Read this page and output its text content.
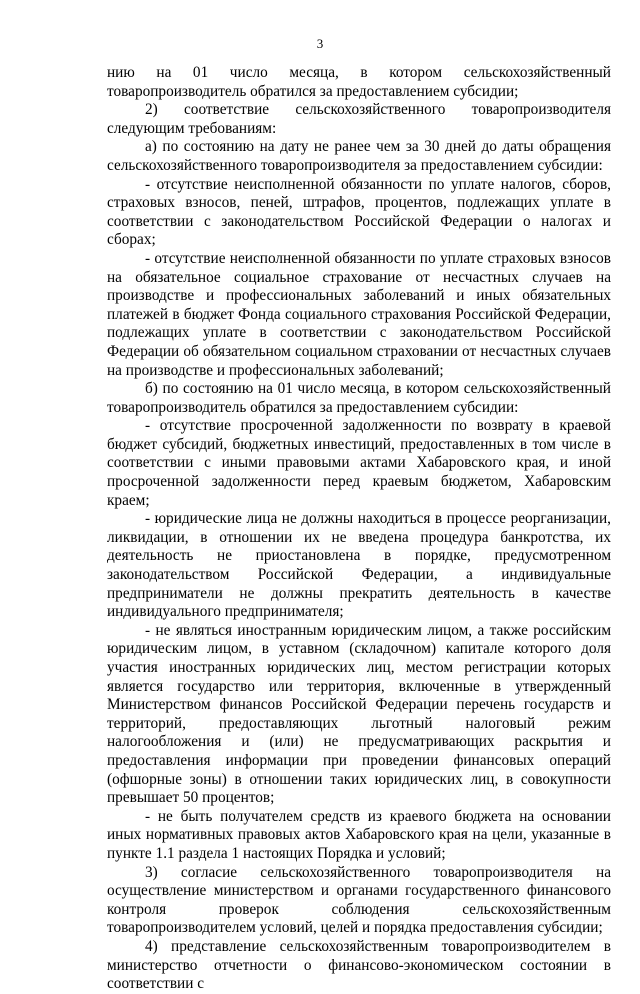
3

нию на 01 число месяца, в котором сельскохозяйственный товаропроизводитель обратился за предоставлением субсидии;

2) соответствие сельскохозяйственного товаропроизводителя следующим требованиям:

а) по состоянию на дату не ранее чем за 30 дней до даты обращения сельскохозяйственного товаропроизводителя за предоставлением субсидии:

- отсутствие неисполненной обязанности по уплате налогов, сборов, страховых взносов, пеней, штрафов, процентов, подлежащих уплате в соответствии с законодательством Российской Федерации о налогах и сборах;

- отсутствие неисполненной обязанности по уплате страховых взносов на обязательное социальное страхование от несчастных случаев на производстве и профессиональных заболеваний и иных обязательных платежей в бюджет Фонда социального страхования Российской Федерации, подлежащих уплате в соответствии с законодательством Российской Федерации об обязательном социальном страховании от несчастных случаев на производстве и профессиональных заболеваний;

б) по состоянию на 01 число месяца, в котором сельскохозяйственный товаропроизводитель обратился за предоставлением субсидии:

- отсутствие просроченной задолженности по возврату в краевой бюджет субсидий, бюджетных инвестиций, предоставленных в том числе в соответствии с иными правовыми актами Хабаровского края, и иной просроченной задолженности перед краевым бюджетом, Хабаровским краем;

- юридические лица не должны находиться в процессе реорганизации, ликвидации, в отношении их не введена процедура банкротства, их деятельность не приостановлена в порядке, предусмотренном законодательством Российской Федерации, а индивидуальные предприниматели не должны прекратить деятельность в качестве индивидуального предпринимателя;

- не являться иностранным юридическим лицом, а также российским юридическим лицом, в уставном (складочном) капитале которого доля участия иностранных юридических лиц, местом регистрации которых является государство или территория, включенные в утвержденный Министерством финансов Российской Федерации перечень государств и территорий, предоставляющих льготный налоговый режим налогообложения и (или) не предусматривающих раскрытия и предоставления информации при проведении финансовых операций (офшорные зоны) в отношении таких юридических лиц, в совокупности превышает 50 процентов;

- не быть получателем средств из краевого бюджета на основании иных нормативных правовых актов Хабаровского края на цели, указанные в пункте 1.1 раздела 1 настоящих Порядка и условий;

3) согласие сельскохозяйственного товаропроизводителя на осуществление министерством и органами государственного финансового контроля проверок соблюдения сельскохозяйственным товаропроизводителем условий, целей и порядка предоставления субсидии;

4) представление сельскохозяйственным товаропроизводителем в министерство отчетности о финансово-экономическом состоянии в соответствии с
